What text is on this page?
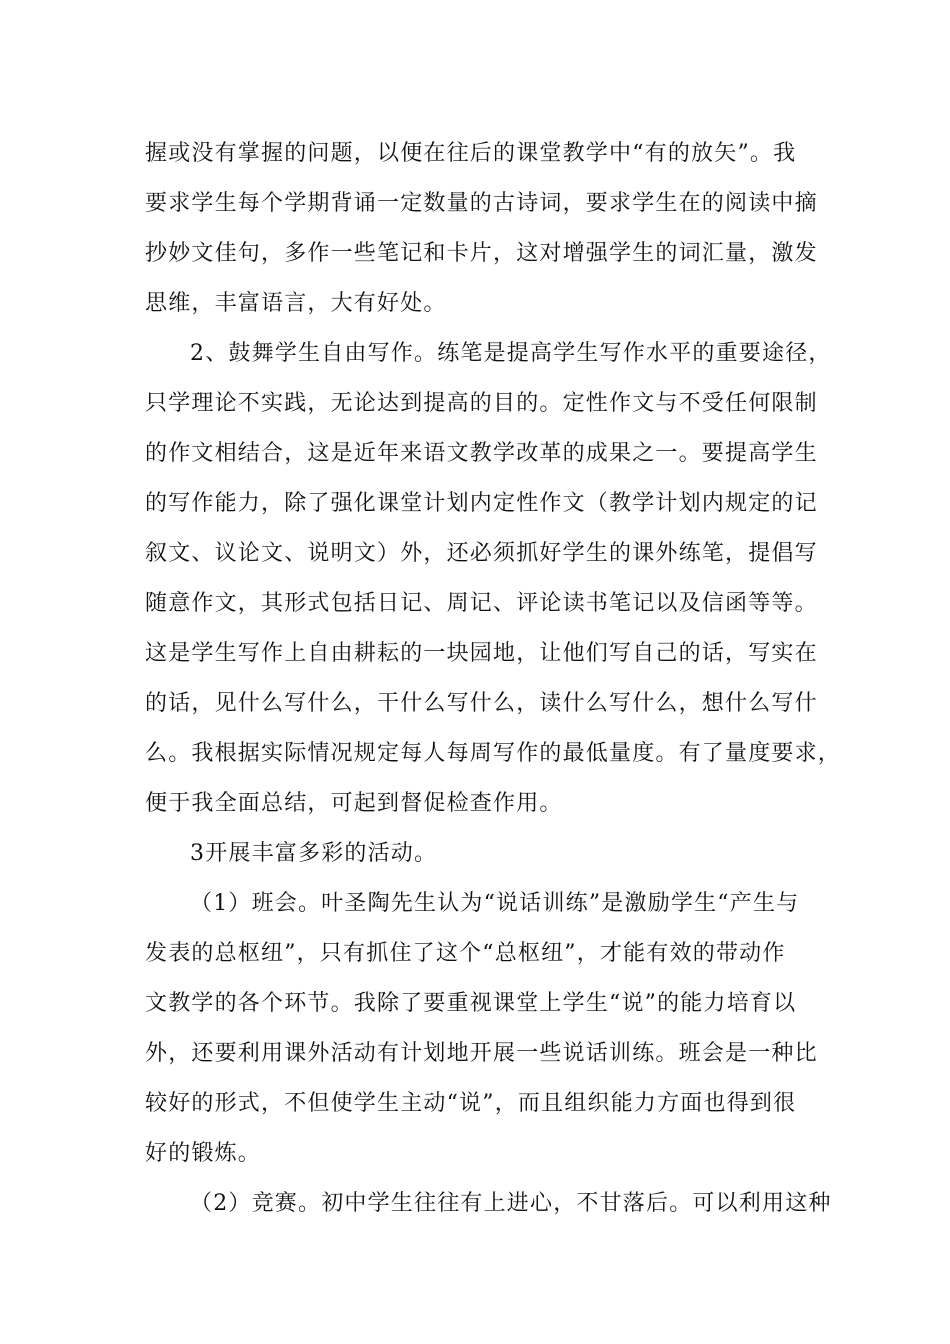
握或没有掌握的问题，以便在往后的课堂教学中“有的放矢”。我
要求学生每个学期背诵一定数量的古诗词，要求学生在的阅读中摘
抄妙文佳句，多作一些笔记和卡片，这对增强学生的词汇量，激发
思维，丰富语言，大有好处。
2、鼓舞学生自由写作。练笔是提高学生写作水平的重要途径，
只学理论不实践，无论达到提高的目的。定性作文与不受任何限制
的作文相结合，这是近年来语文教学改革的成果之一。要提高学生
的写作能力，除了强化课堂计划内定性作文（教学计划内规定的记
叙文、议论文、说明文）外，还必须抓好学生的课外练笔，提倡写
随意作文，其形式包括日记、周记、评论读书笔记以及信函等等。
这是学生写作上自由耕耘的一块园地，让他们写自己的话，写实在
的话，见什么写什么，干什么写什么，读什么写什么，想什么写什
么。我根据实际情况规定每人每周写作的最低量度。有了量度要求，
便于我全面总结，可起到督促检查作用。
3开展丰富多彩的活动。
（1）班会。叶圣陶先生认为“说话训练”是激励学生“产生与
发表的总枢纽”，只有抓住了这个“总枢纽”，才能有效的带动作
文教学的各个环节。我除了要重视课堂上学生“说”的能力培育以
外，还要利用课外活动有计划地开展一些说话训练。班会是一种比
较好的形式，不但使学生主动“说”，而且组织能力方面也得到很
好的锻炼。
（2）竞赛。初中学生往往有上进心，不甘落后。可以利用这种
